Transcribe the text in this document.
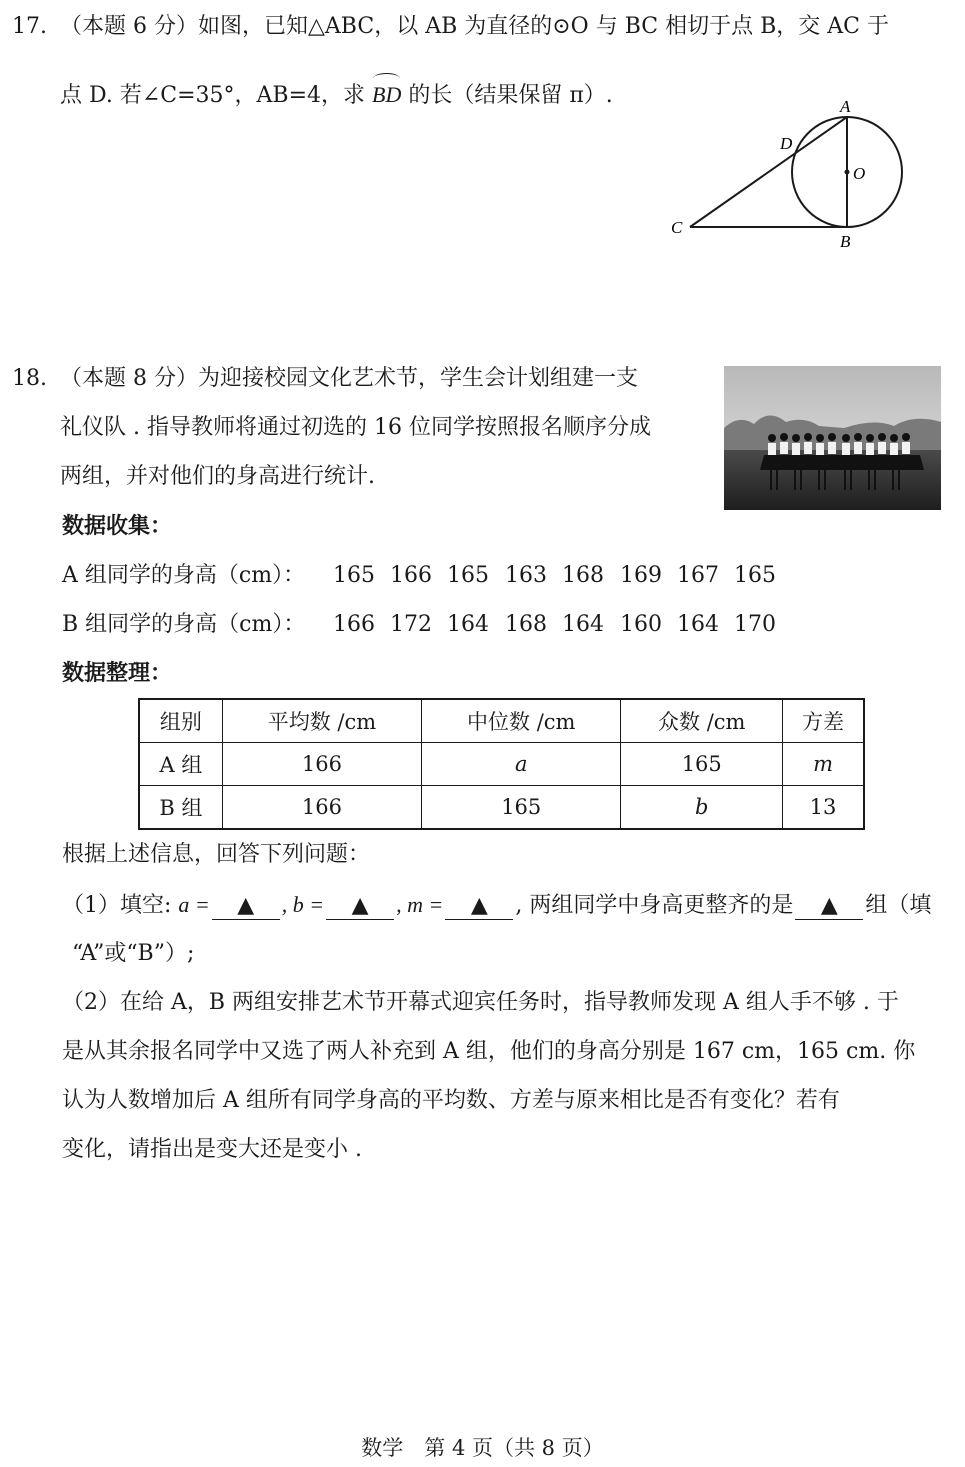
17. （本题 6 分）如图，已知△ABC，以 AB 为直径的⊙O 与 BC 相切于点 B，交 AC 于
点 D. 若∠C=35°，AB=4，求 BD 的长（结果保留 π）.	A
B
C
D
O
18. （本题 8 分）为迎接校园文化艺术节，学生会计划组建一支
礼仪队 . 指导教师将通过初选的 16 位同学按照报名顺序分成
两组，并对他们的身高进行统计.
数据收集：
A 组同学的身高（cm）： 165 166 165 163 168 169 167 165
B 组同学的身高（cm）： 166 172 164 168 164 160 164 170
数据整理：
组别	平均数 /cm	中位数 /cm	众数 /cm	方差
A 组	166	a	165	m
B 组	166	165	b	13
根据上述信息，回答下列问题：
（1）填空: a = ▲ , b = ▲ , m = ▲ , 两组同学中身高更整齐的是 ▲ 组（填
“A”或“B”）;
（2）在给 A，B 两组安排艺术节开幕式迎宾任务时，指导教师发现 A 组人手不够 . 于
是从其余报名同学中又选了两人补充到 A 组，他们的身高分别是 167 cm，165 cm. 你
认为人数增加后 A 组所有同学身高的平均数、方差与原来相比是否有变化？若有
变化，请指出是变大还是变小 .
数学　第 4 页（共 8 页）
